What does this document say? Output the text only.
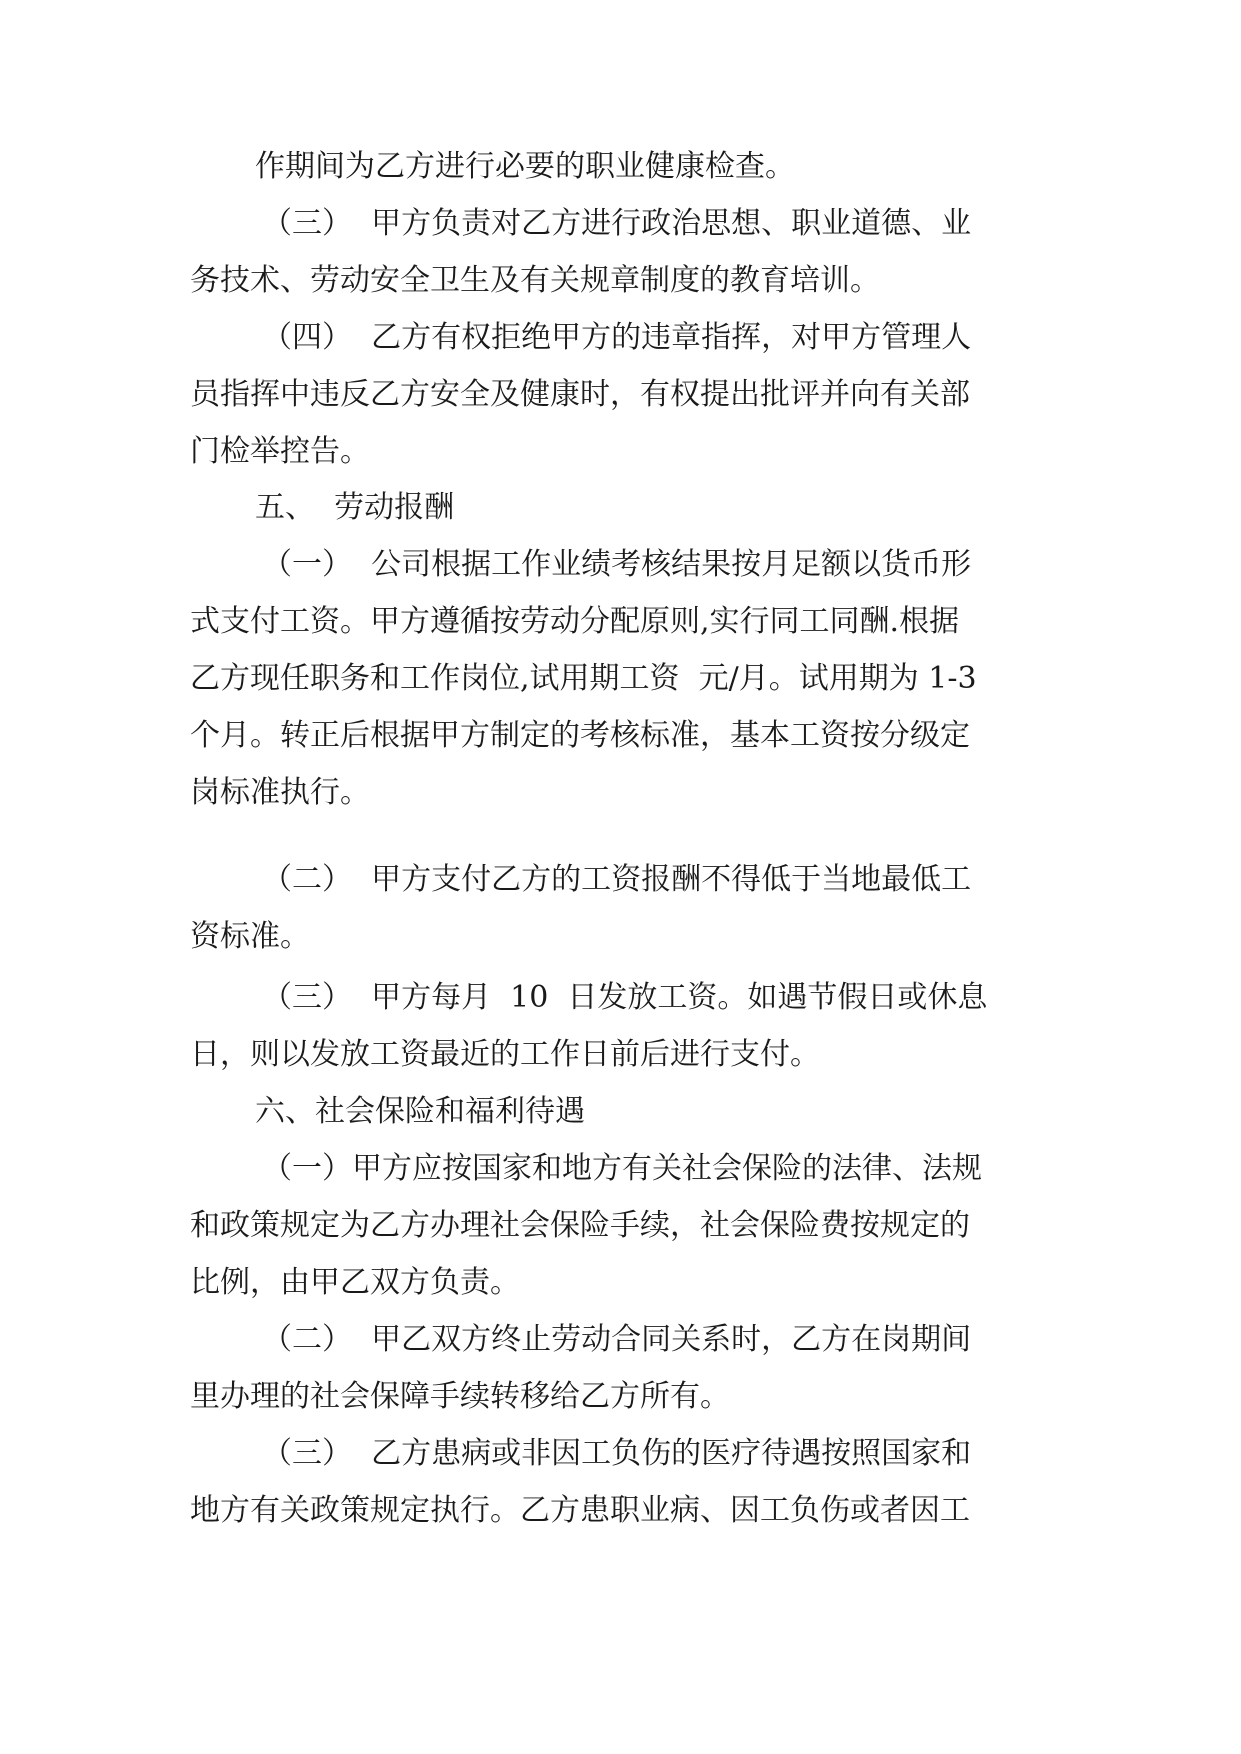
作期间为乙方进行必要的职业健康检查。
（三）  甲方负责对乙方进行政治思想、职业道德、业
务技术、劳动安全卫生及有关规章制度的教育培训。
（四）  乙方有权拒绝甲方的违章指挥，对甲方管理人
员指挥中违反乙方安全及健康时，有权提出批评并向有关部
门检举控告。
五、  劳动报酬
（一）  公司根据工作业绩考核结果按月足额以货币形
式支付工资。甲方遵循按劳动分配原则,实行同工同酬.根据
乙方现任职务和工作岗位,试用期工资  元/月。试用期为 1-3
个月。转正后根据甲方制定的考核标准，基本工资按分级定
岗标准执行。
（二）  甲方支付乙方的工资报酬不得低于当地最低工
资标准。
（三）  甲方每月  10  日发放工资。如遇节假日或休息
日，则以发放工资最近的工作日前后进行支付。
六、社会保险和福利待遇
（一）甲方应按国家和地方有关社会保险的法律、法规
和政策规定为乙方办理社会保险手续，社会保险费按规定的
比例，由甲乙双方负责。
（二）  甲乙双方终止劳动合同关系时，乙方在岗期间
里办理的社会保障手续转移给乙方所有。
（三）  乙方患病或非因工负伤的医疗待遇按照国家和
地方有关政策规定执行。乙方患职业病、因工负伤或者因工
